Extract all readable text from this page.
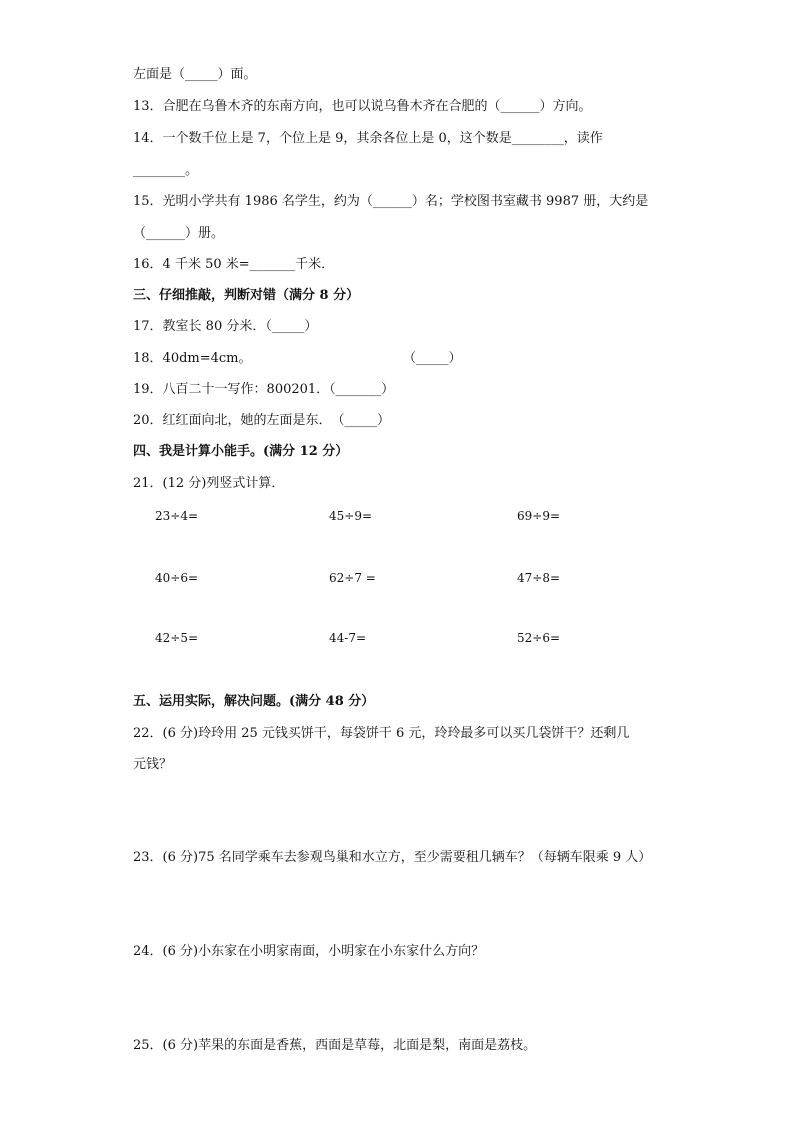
左面是（_____）面。
13．合肥在乌鲁木齐的东南方向，也可以说乌鲁木齐在合肥的（______）方向。
14．一个数千位上是 7，个位上是 9，其余各位上是 0，这个数是________，读作
________。
15．光明小学共有 1986 名学生，约为（______）名；学校图书室藏书 9987 册，大约是
（______）册。
16．4 千米 50 米=_______千米．
三、仔细推敲，判断对错（满分 8 分）
17．教室长 80 分米．（_____）
18．40dm=4cm。	（_____）
19．八百二十一写作：800201．（_______）
20．红红面向北，她的左面是东．　（_____）
四、我是计算小能手。(满分 12 分）
21．(12 分)列竖式计算．
23÷4=	45÷9=	69÷9=
40÷6=	62÷7 =	47÷8=
42÷5=	44-7=	52÷6=
五、运用实际，解决问题。(满分 48 分）
22．(6 分)玲玲用 25 元钱买饼干，每袋饼干 6 元，玲玲最多可以买几袋饼干？还剩几
元钱？
23．(6 分)75 名同学乘车去参观鸟巢和水立方，至少需要租几辆车？（每辆车限乘 9 人）
24．(6 分)小东家在小明家南面，小明家在小东家什么方向？
25．(6 分)苹果的东面是香蕉，西面是草莓，北面是梨，南面是荔枝。
